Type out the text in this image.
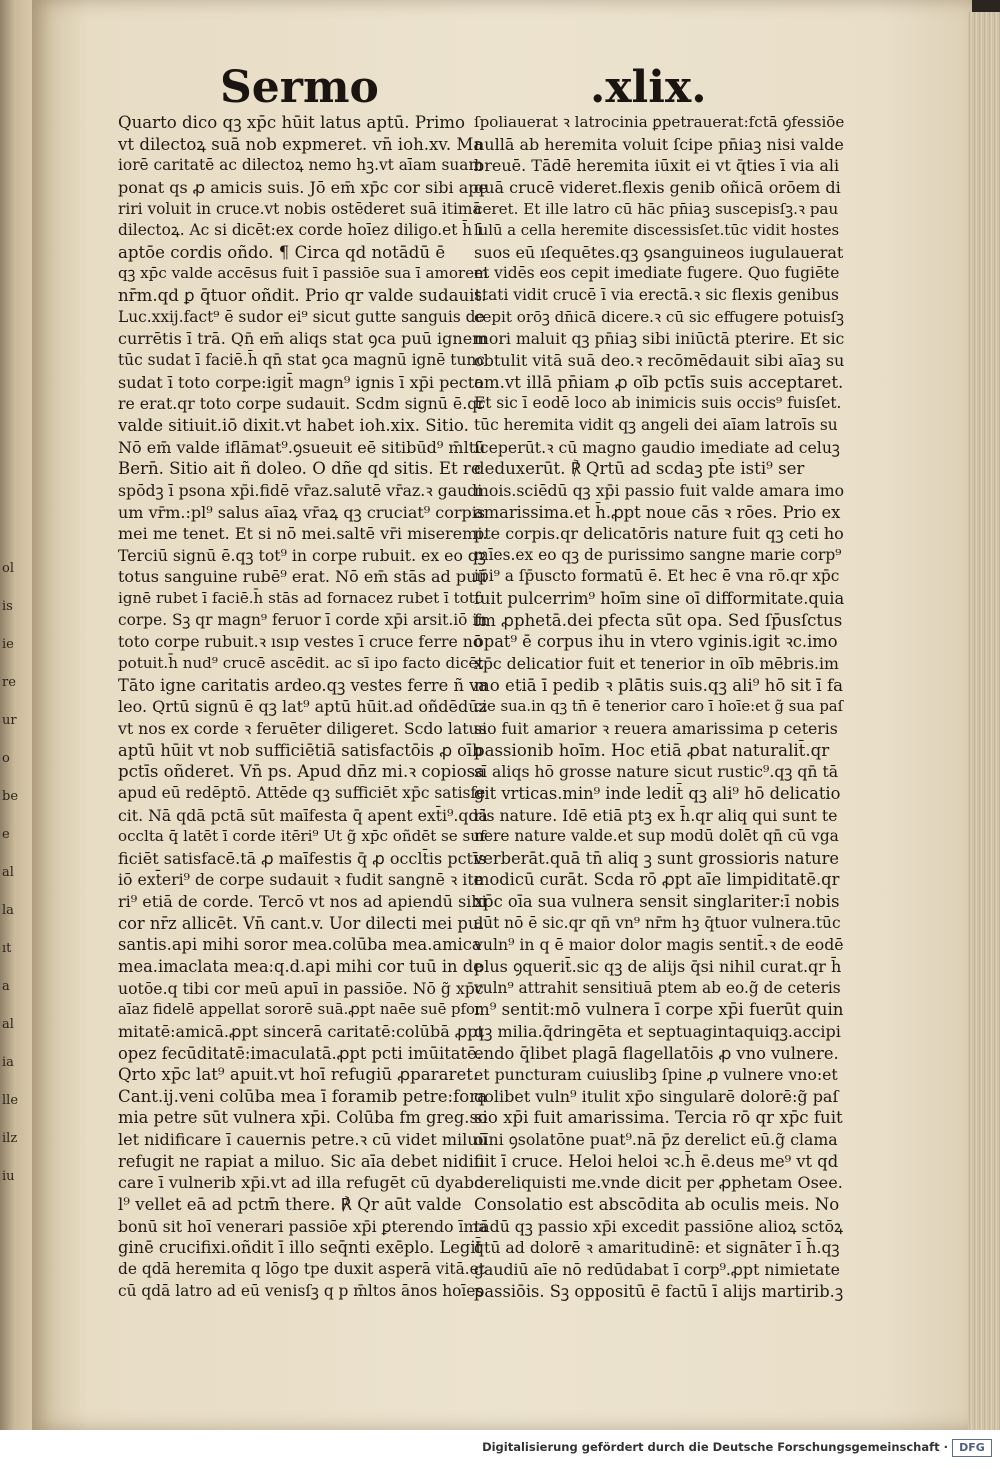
ol
is
ie
re
ur
o
be
e
al
la
ıt
a
al
ia
lle
ilz
iu
Sermo	.xlix.
Quarto dico qꝫ xp̄c hūit latus aptū. Primo
vt dilectoꝝ suā nob expmeret. vn̄ ioh.xv. Ma
iorē caritatē ac dilectoꝝ nemo hꝫ.vt aīam suam
ponat qs ꝓ amicis suis. Jō em̄ xp̄c cor sibi ape
riri voluit in cruce.vt nobis ostēderet suā itimā
dilectoꝝ. Ac si dicēt:ex corde hoīez diligo.et h̄ ī
aptōe cordis oñdo. ¶ Circa qd notādū ē
qꝫ xp̄c valde accēsus fuit ī passiōe sua ī amorem
nr̄m.qd ꝑ q̄tuor oñdit. Prio qr valde sudauit.
Luc.xxij.fact⁹ ē sudor ei⁹ sicut gutte sanguis de
currētis ī trā. Qn̄ em̄ aliqs stat ꝯca puū ignem
tūc sudat ī faciē.h̄ qn̄ stat ꝯca magnū ignē tunc
sudat ī toto corpe:igit̄ magn⁹ ignis ī xp̄i pecto
re erat.qr toto corpe sudauit. Scdm signū ē.qr
valde sitiuit.iō dixit.vt habet ioh.xix. Sitio.
Nō em̄ valde iflāmat⁹.ꝯsueuit eē sitibūd⁹ m̄ltū
Bern̄. Sitio ait ñ doleo. O dñe qd sitis. Et re
spōdꝫ ī psona xp̄i.fidē vr̄az.salutē vr̄az.ꝛ gaudi
um vr̄m.:pl⁹ salus aīaꝝ vr̄aꝝ qꝫ cruciat⁹ corpis
mei me tenet. Et si nō mei.saltē vr̄i miseremi.
Terciū signū ē.qꝫ tot⁹ in corpe rubuit. ex eo qꝫ
totus sanguine rubē⁹ erat. Nō em̄ stās ad puū
ignē rubet ī faciē.h̄ stās ad fornacez rubet ī toto
corpe. Sꝫ qr magn⁹ feruor ī corde xp̄i arsit.iō in
toto corpe rubuit.ꝛ ısıp vestes ī cruce ferre nō
potuit.h̄ nud⁹ crucē ascēdit. ac sī ipo facto dicēt
Tāto igne caritatis ardeo.qꝫ vestes ferre ñ va
leo. Qrtū signū ē qꝫ lat⁹ aptū hūit.ad oñdēdūz
vt nos ex corde ꝛ feruēter diligeret. Scdo latus
aptū hūit vt nob sufficiētiā satisfactōis ꝓ oīb
pctīs oñderet. Vn̄ ps. Apud dn̄z mi.ꝛ copiosa
apud eū redēptō. Attēde qꝫ sufficiēt xp̄c satisfe
cit. Nā qdā pctā sūt maīfesta q̄ apent ext̄i⁹.qdā
occlta q̄ latēt ī corde itēri⁹ Ut g̃ xp̄c oñdēt se suf
ficiēt satisfacē.tā ꝓ maīfestis q̄ ꝓ occlt̄is pctīs
iō ext̄eri⁹ de corpe sudauit ꝛ fudit sangnē ꝛ ite
ri⁹ etiā de corde. Tercō vt nos ad apiendū sibi
cor nr̄z allicēt. Vn̄ cant.v. Uor dilecti mei pul
santis.api mihi soror mea.colūba mea.amica
mea.imaclata mea:q.d.api mihi cor tuū in de
uotōe.q tibi cor meū apuī in passiōe. Nō g̃ xp̄c
aīaz fidelē appellat sororē suā.ꝓpt naēe suē pfor
mitatē:amicā.ꝓpt sincerā caritatē:colūbā ꝓpt
opez fecūditatē:imaculatā.ꝓpt pcti imūitatē.
Qrto xp̄c lat⁹ apuit.vt hoī refugiū ꝓpararet.
Cant.ij.veni colūba mea ī foramib petre:fora
mia petre sūt vulnera xp̄i. Colūba fm greg.so
let nidificare ī cauernis petre.ꝛ cū videt miluū
refugit ne rapiat a miluo. Sic aīa debet nidifi
care ī vulnerib xp̄i.vt ad illa refugēt cū dyabo
l⁹ vellet eā ad pctm̄ there. ℟ Qr aūt valde
bonū sit hoī venerari passiōe xp̄i ꝑterendo īma
ginē crucifixi.oñdit ī illo seq̄nti exēplo. Legit̄
de qdā heremita q lōgo tpe duxit asperā vitā.et
cū qdā latro ad eū venisſꝫ q p m̄ltos ānos hoīes
ſpoliauerat ꝛ latrocinia ꝑpetrauerat:fctā ꝯfessiōe
nullā ab heremita voluit ſcipe pn̄iaꝫ nisi valde
breuē. Tādē heremita iūxit ei vt q̄ties ī via ali
quā crucē videret.flexis genib oñicā orōem di
ceret. Et ille latro cū hāc pn̄iaꝫ suscepisſꝫ.ꝛ pau
lulū a cella heremite discessisſet.tūc vidit hostes
suos eū ıſequētes.qꝫ ꝯsanguineos iugulauerat
et vidēs eos cepit imediate fugere. Quo fugiēte
stati vidit crucē ī via erectā.ꝛ sic flexis genibus
cepit orōꝫ dn̄icā dicere.ꝛ cū sic effugere potuisſꝫ
mori maluit qꝫ pn̄iaꝫ sibi iniūctā pterire. Et sic
obtulit vitā suā deo.ꝛ recōmēdauit sibi aīaꝫ su
am.vt illā pn̄iam ꝓ oīb pctīs suis acceptaret.
Et sic ī eodē loco ab inimicis suis occis⁹ fuisſet.
tūc heremita vidit qꝫ angeli dei aīam latroīs su
ſceperūt.ꝛ cū magno gaudio imediate ad celuꝫ
deduxerūt. ℟ Qrtū ad scdaꝫ pt̄e isti⁹ ser
mois.sciēdū qꝫ xp̄i passio fuit valde amara imo
amarissima.et h̄.ꝓpt noue cās ꝛ rōes. Prio ex
pte corpis.qr delicatōris nature fuit qꝫ ceti ho
mīes.ex eo qꝫ de purissimo sangne marie corp⁹
ip̄i⁹ a ſp̄uscto formatū ē. Et hec ē vna rō.qr xp̄c
fuit pulcerrim⁹ hoīm sine oī difformitate.quia
fm ꝓphetā.dei pfecta sūt opa. Sed ſp̄usſctus
opat⁹ ē corpus ihu in vtero vginis.igit ꝛc.imo
xp̄c delicatior fuit et tenerior in oīb mēbris.im
mo etiā ī pedib ꝛ plātis suis.qꝫ ali⁹ hō sit ī fa
cie sua.in qꝫ tn̄ ē tenerior caro ī hoīe:et g̃ sua paſ
sio fuit amarior ꝛ reuera amarissima p ceteris
passionib hoīm. Hoc etiā ꝓbat naturalit̄.qr
sī aliqs hō grosse nature sicut rustic⁹.qꝫ qn̄ tā
git vrticas.min⁹ inde ledit̄ qꝫ ali⁹ hō delicatio
ris nature. Idē etiā ptꝫ ex h̄.qr aliq qui sunt te
nere nature valde.et sup modū dolēt qn̄ cū vga
verberāt.quā tn̄ aliq ꝫ sunt grossioris nature
modicū curāt. Scda rō ꝓpt aīe limpiditatē.qr
xp̄c oīa sua vulnera sensit singlariter:ī nobis
aūt nō ē sic.qr qn̄ vn⁹ nr̄m hꝫ q̄tuor vulnera.tūc
vuln⁹ in q ē maior dolor magis sentit̄.ꝛ de eodē
plus ꝯquerit̄.sic qꝫ de alijs q̄si nihil curat.qr h̄
vuln⁹ attrahit sensitiuā ptem ab eo.g̃ de ceteris
m⁹ sentit:mō vulnera ī corpe xp̄i fuerūt quin
qꝫ milia.q̄dringēta et septuagintaquiqꝫ.accipi
endo q̄libet plagā flagellatōis ꝓ vno vulnere.
et puncturam cuiuslibꝫ ſpine ꝓ vulnere vno:et
qolibet vuln⁹ itulit xp̄o singularē dolorē:g̃ paſ
sio xp̄i fuit amarissima. Tercia rō qr xp̄c fuit
oīni ꝯsolatōne puat⁹.nā p̄z derelict eū.g̃ clama
uit ī cruce. Heloi heloi ꝛc.h̄ ē.deus me⁹ vt qd
dereliquisti me.vnde dicit per ꝓphetam Osee.
Consolatio est abscōdita ab oculis meis. No
tādū qꝫ passio xp̄i excedit passiōne alioꝝ sctōꝝ
q̄tū ad dolorē ꝛ amaritudinē: et signāter ī h̄.qꝫ
gaudiū aīe nō redūdabat ī corp⁹.ꝓpt nimietate
passiōis. Sꝫ oppositū ē factū ī alijs martirib.ꝫ
Digitalisierung gefördert durch die Deutsche Forschungsgemeinschaft ·	DFG
